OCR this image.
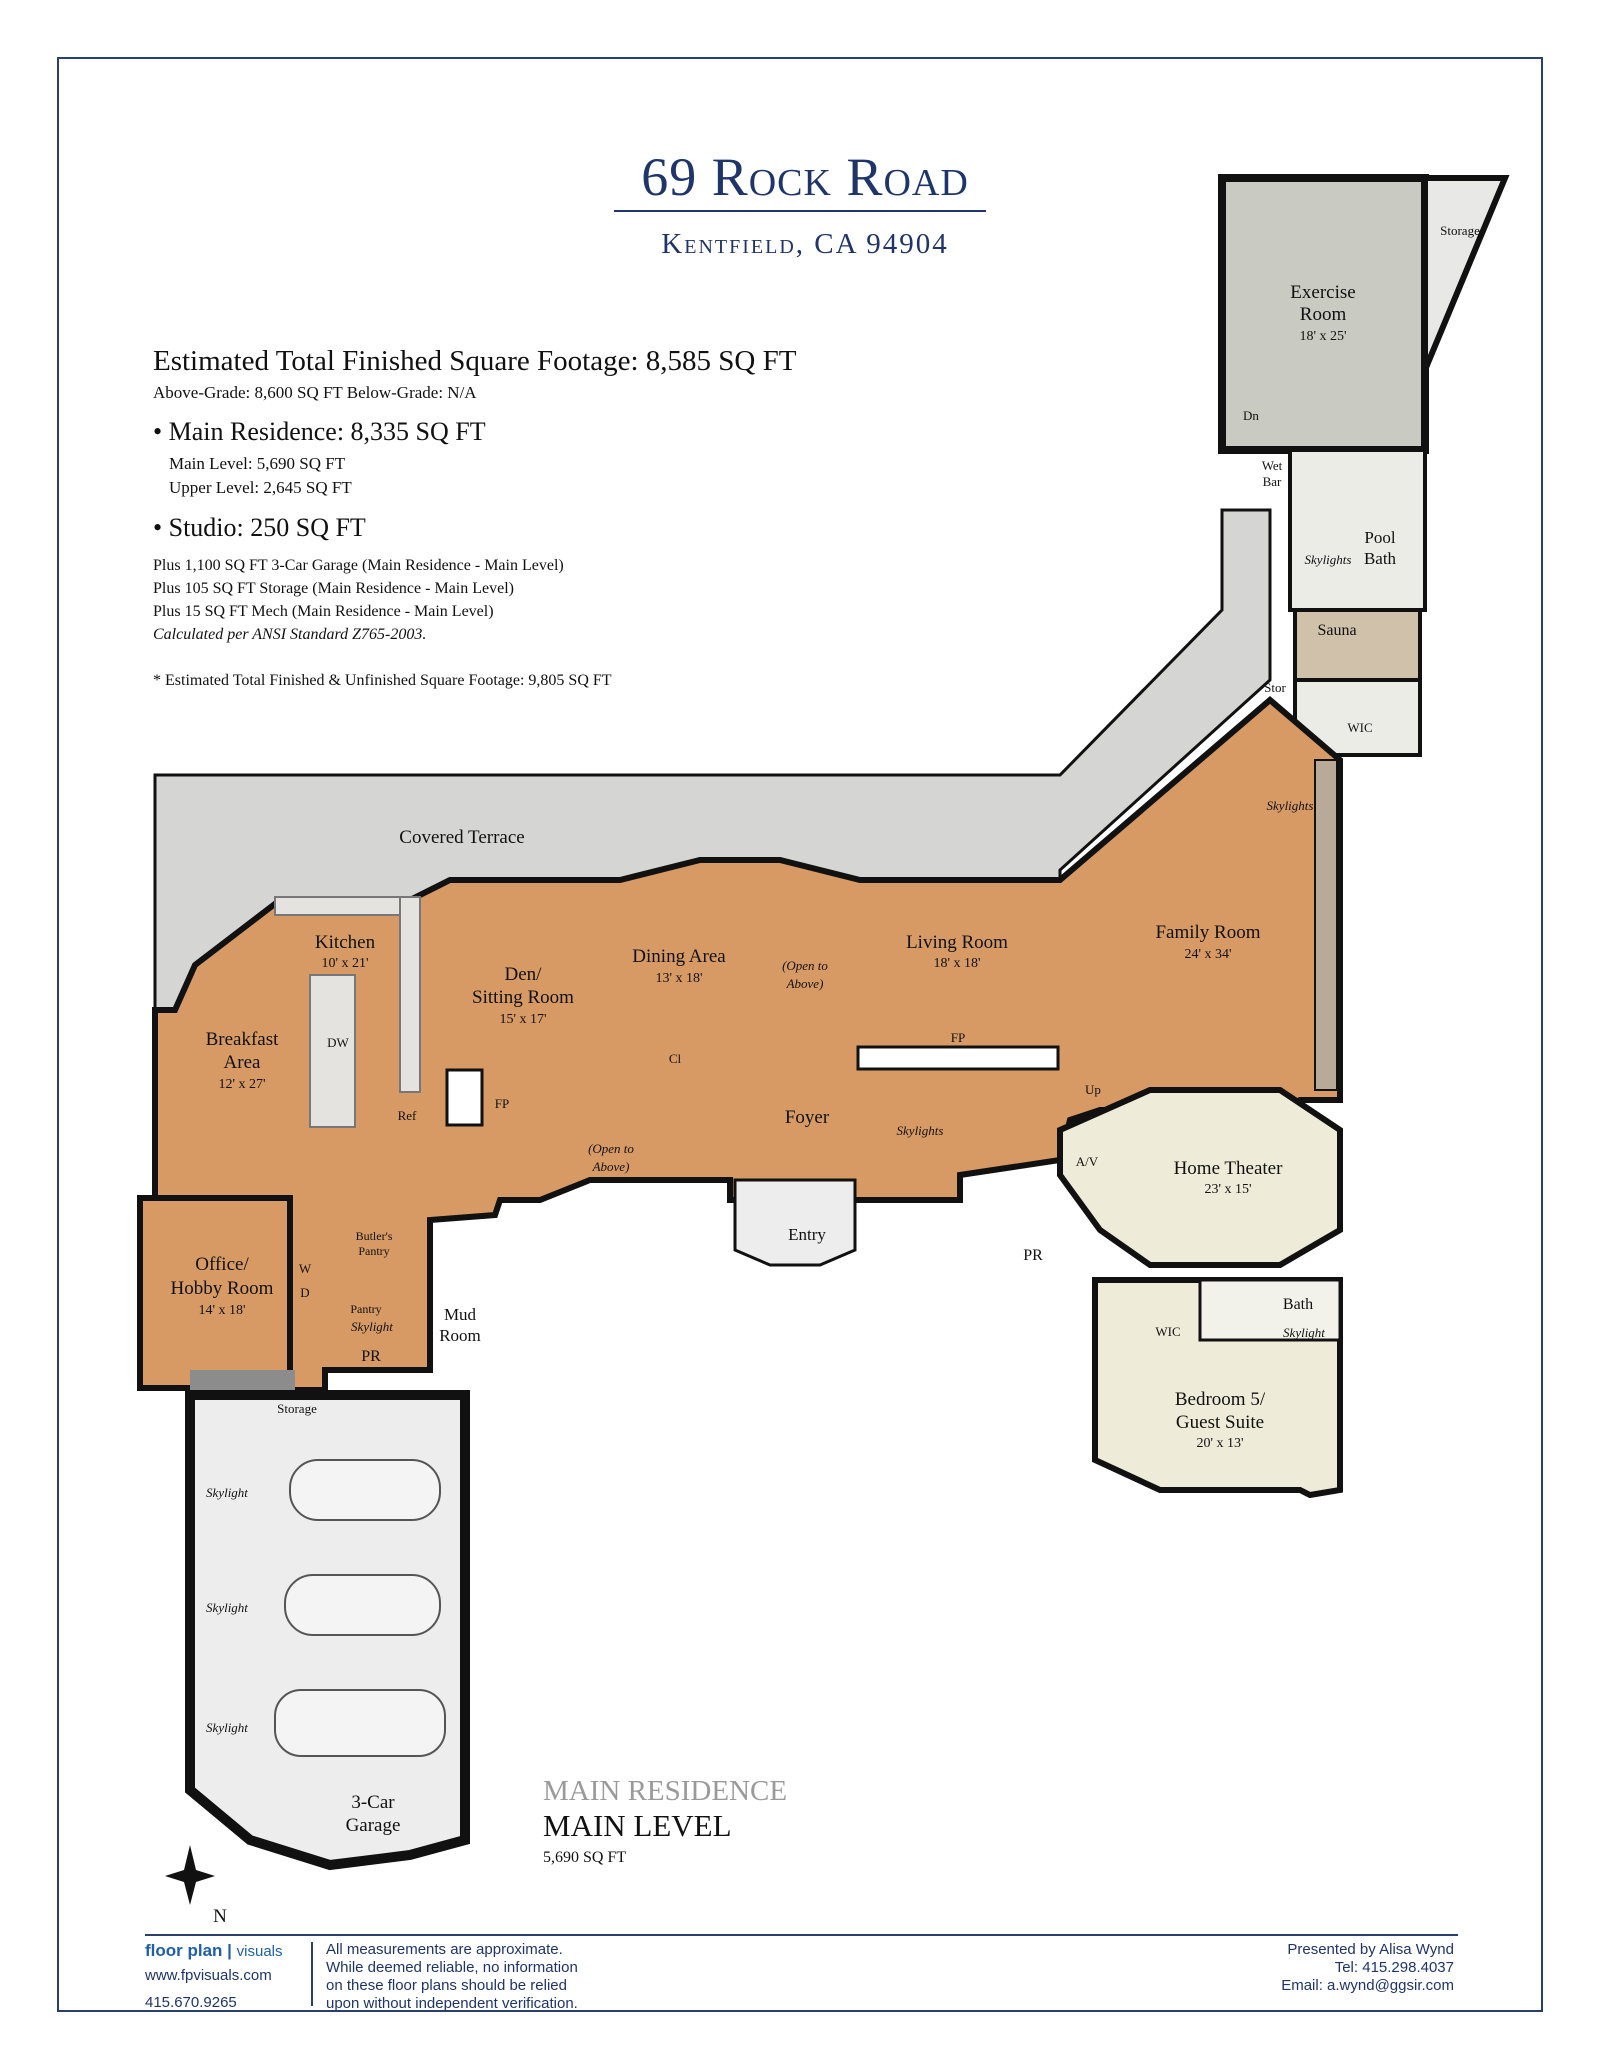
69 Rock Road
Kentfield, CA 94904
Estimated Total Finished Square Footage: 8,585 SQ FT
Above-Grade: 8,600 SQ FT Below-Grade: N/A
• Main Residence: 8,335 SQ FT
Main Level: 5,690 SQ FT
Upper Level: 2,645 SQ FT
• Studio: 250 SQ FT
Plus 1,100 SQ FT 3-Car Garage (Main Residence - Main Level)
Plus 105 SQ FT Storage (Main Residence - Main Level)
Plus 15 SQ FT Mech (Main Residence - Main Level)
Calculated per ANSI Standard Z765-2003.
* Estimated Total Finished & Unfinished Square Footage: 9,805 SQ FT
Exercise
Room
18' x 25'
Storage
Wet
Bar
Pool
Bath
Skylights
Sauna
Stor
WIC
Covered Terrace
Kitchen
10' x 21'
Breakfast
Area
12' x 27'
Den/
Sitting Room
15' x 17'
Dining Area
13' x 18'
(Open to
Above)
Living Room
18' x 18'
Family Room
24' x 34'
Skylights
FP
FP
Foyer
Skylights
Entry
(Open to
Above)	Home Theater
23' x 15'
A/V
Office/
Hobby Room
14' x 18'
Butler's
Pantry
Pantry
Skylight
Mud
Room
PR
PR
Bath
Skylight
WIC
Bedroom 5/
Guest Suite
20' x 13'
Storage
Skylight
Skylight
Skylight
3-Car
Garage
DW
Ref
Cl
Up
Dn
W
D
N
MAIN RESIDENCE
MAIN LEVEL
5,690 SQ FT
floor plan | visuals
www.fpvisuals.com
415.670.9265
All measurements are approximate.
While deemed reliable, no information
on these floor plans should be relied
upon without independent verification.
Presented by Alisa Wynd
Tel: 415.298.4037
Email: a.wynd@ggsir.com
